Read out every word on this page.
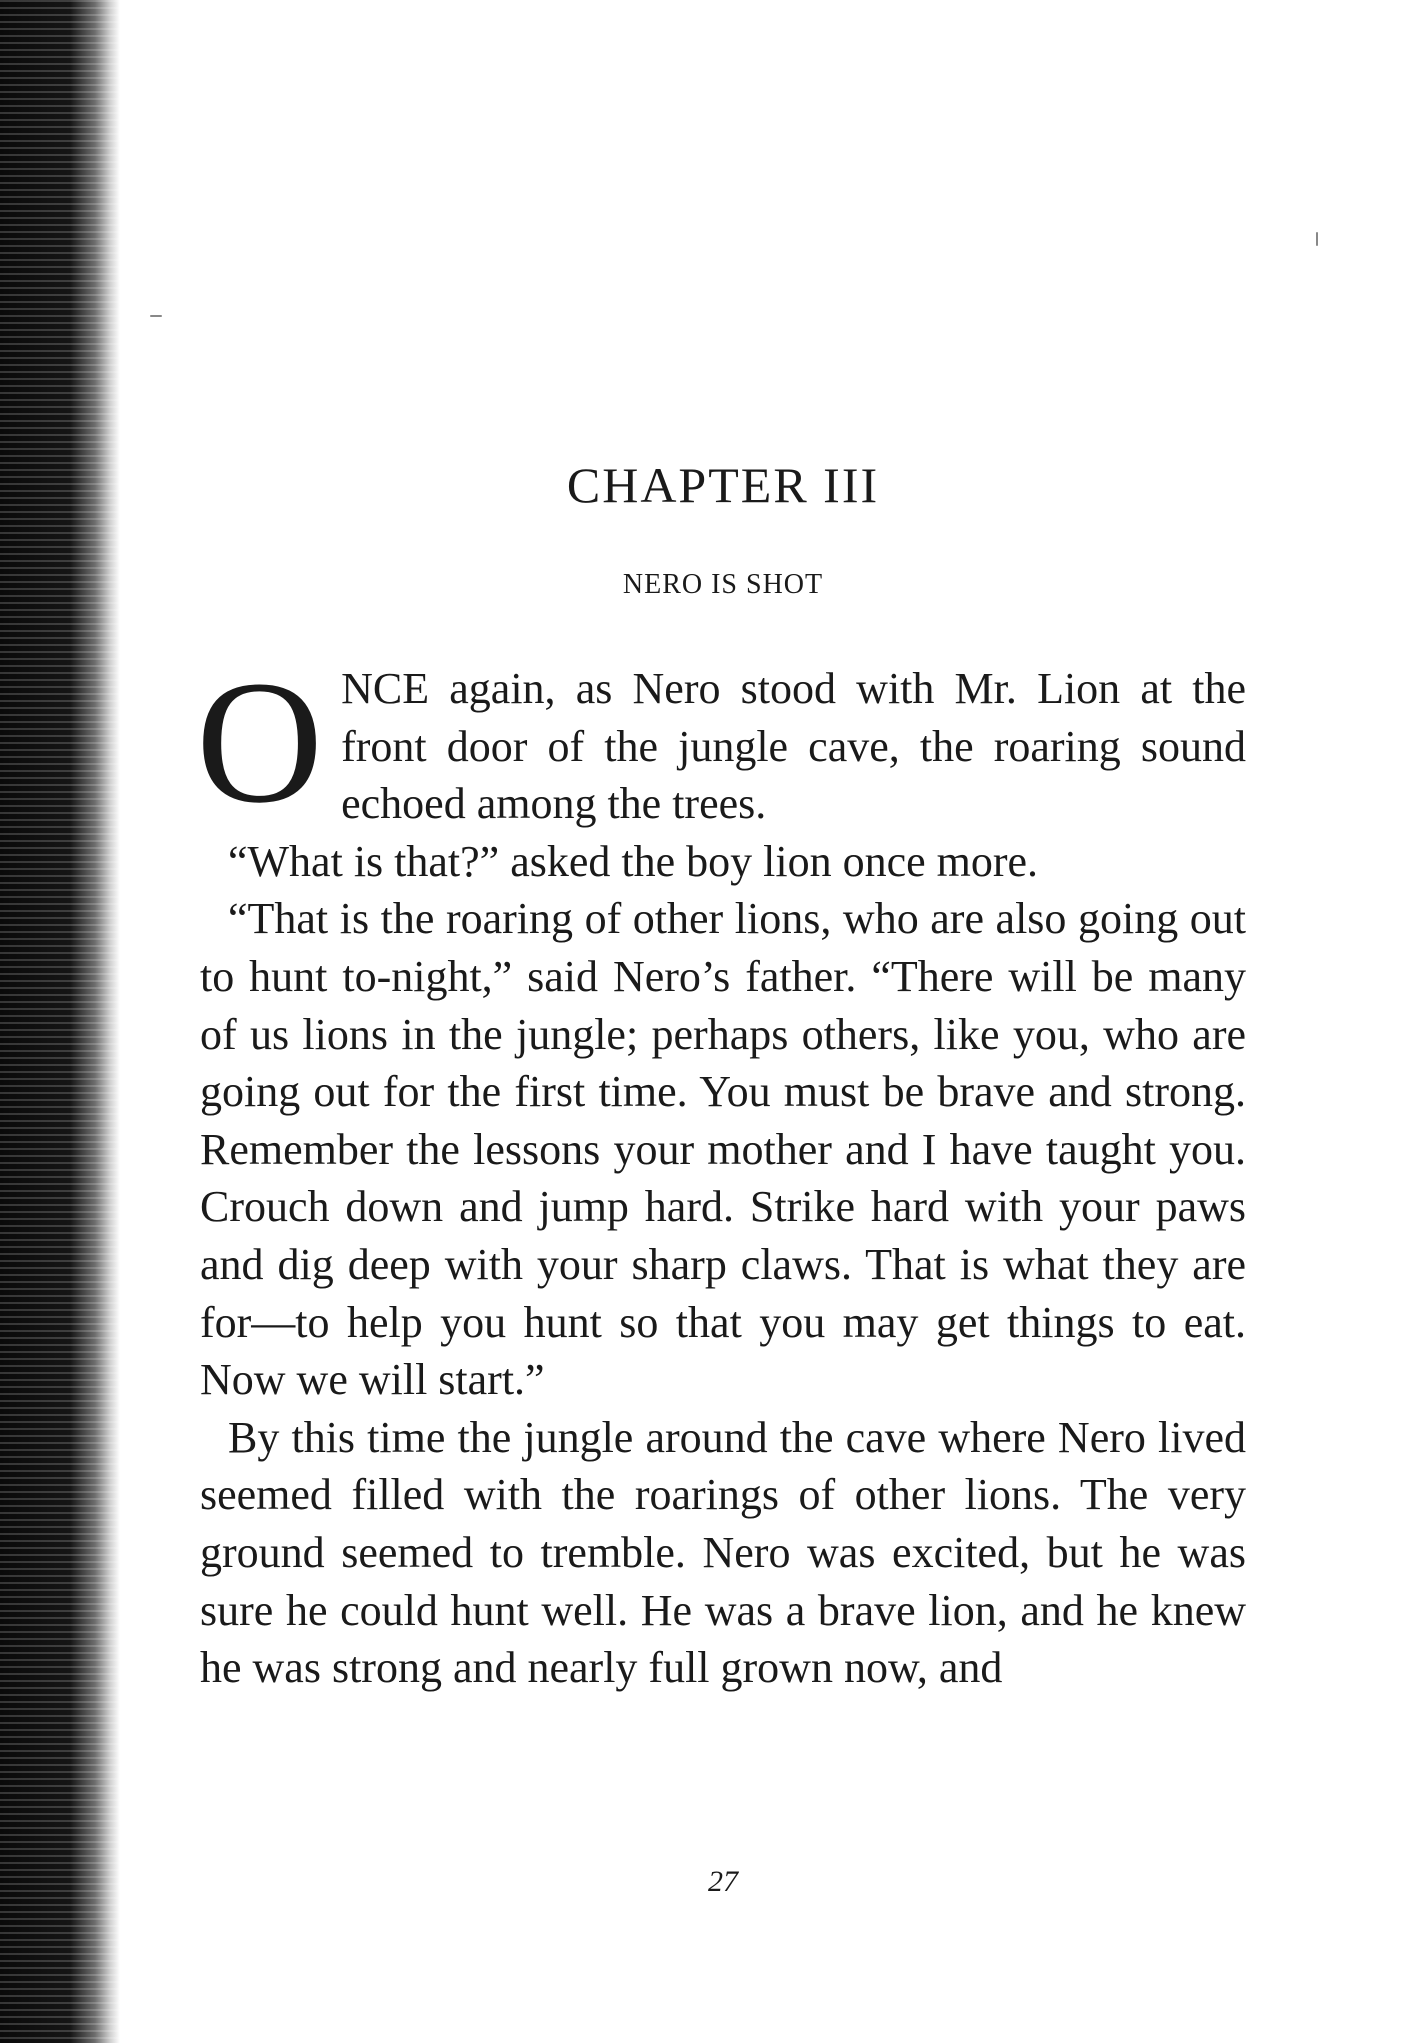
CHAPTER III
NERO IS SHOT

ONCE again, as Nero stood with Mr. Lion at the front door of the jungle cave, the roaring sound echoed among the trees.

“What is that?” asked the boy lion once more.

“That is the roaring of other lions, who are also going out to hunt to-night,” said Nero’s father. “There will be many of us lions in the jungle; perhaps others, like you, who are going out for the first time. You must be brave and strong. Remember the lessons your mother and I have taught you. Crouch down and jump hard. Strike hard with your paws and dig deep with your sharp claws. That is what they are for—to help you hunt so that you may get things to eat. Now we will start.”

By this time the jungle around the cave where Nero lived seemed filled with the roarings of other lions. The very ground seemed to tremble. Nero was excited, but he was sure he could hunt well. He was a brave lion, and he knew he was strong and nearly full grown now, and

27
